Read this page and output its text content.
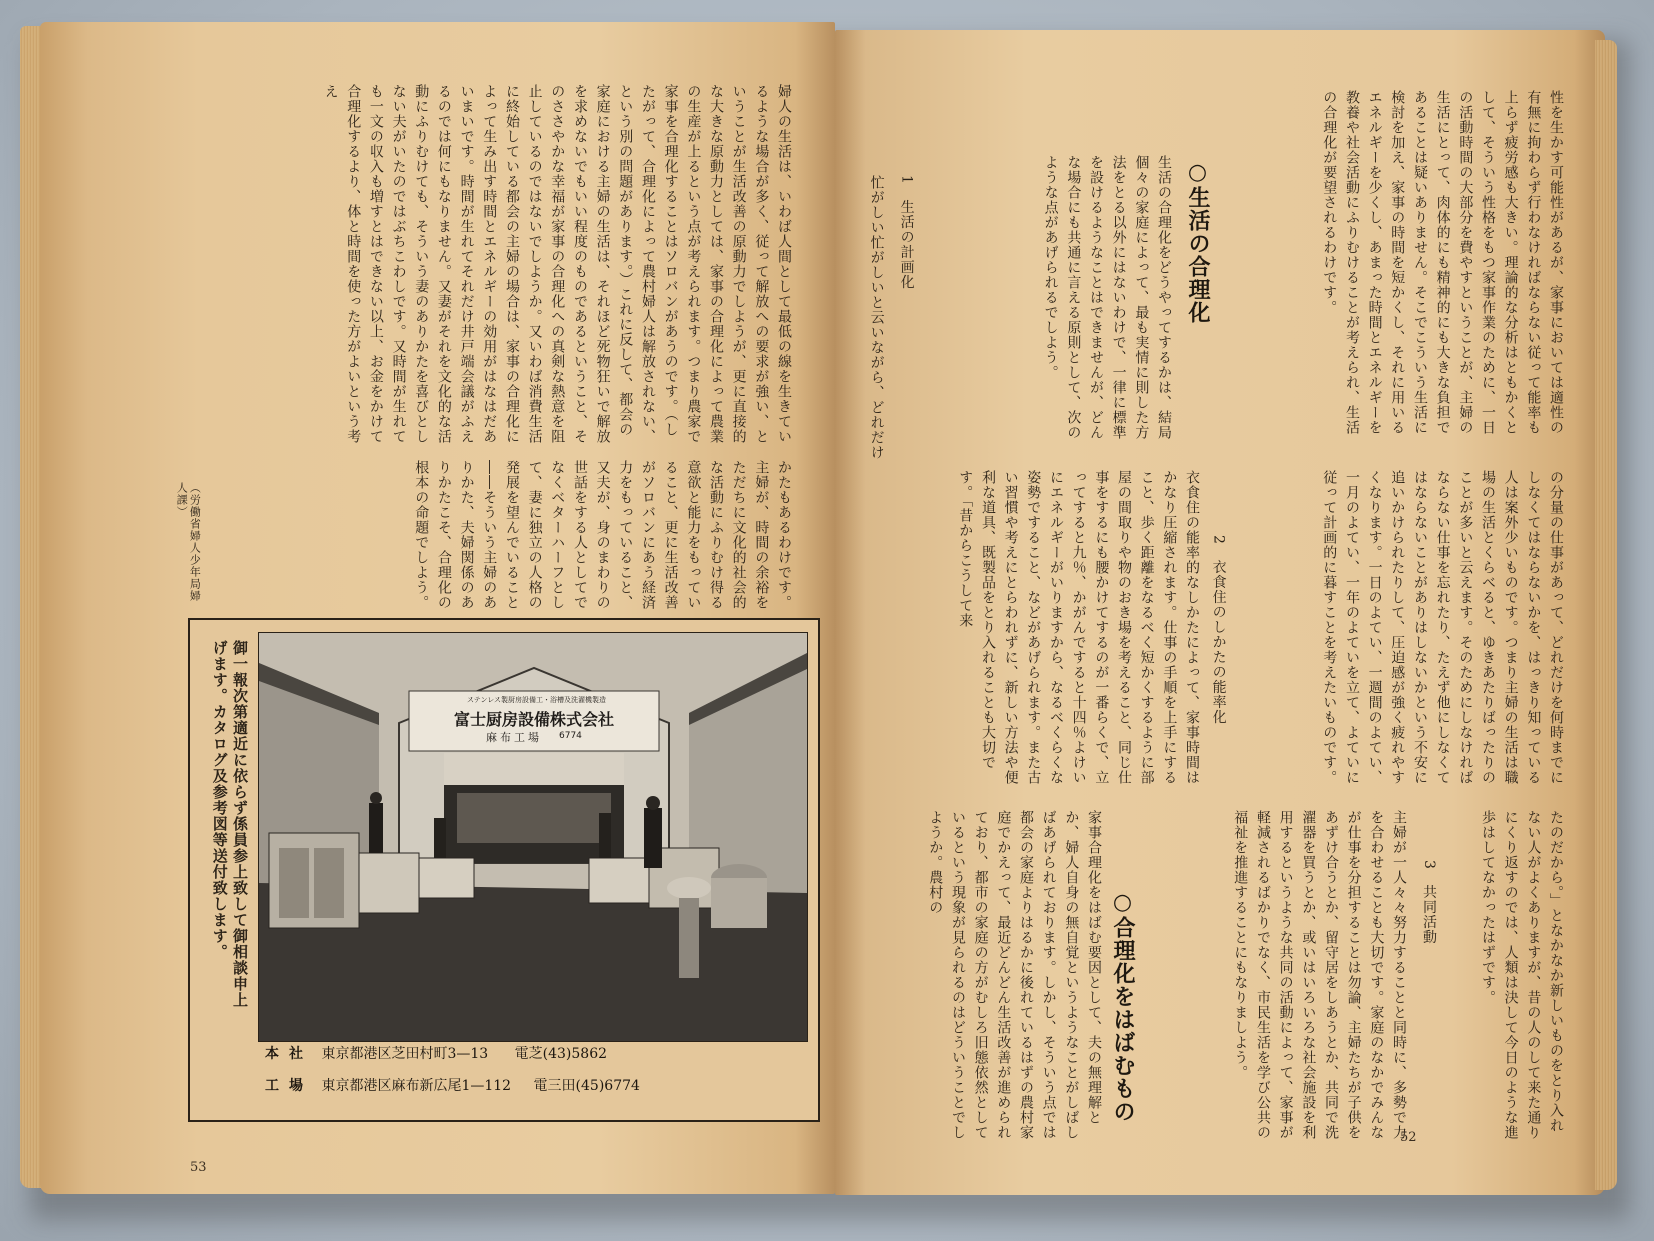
婦人の生活は、いわば人間として最低の線を生きているような場合が多く、従って解放への要求が強い、ということが生活改善の原動力でしようが、更に直接的な大きな原動力としては、家事の合理化によって農業の生産が上るという点が考えられます。つまり農家で家事を合理化することはソロバンがあうのです。（したがって、合理化によって農村婦人は解放されない、という別の問題があります。）これに反して、都会の家庭における主婦の生活は、それほど死物狂いで解放を求めないでもいい程度のものであるということ、そのささやかな幸福が家事の合理化への真剣な熱意を阻止しているのではないでしようか。又いわば消費生活に終始している都会の主婦の場合は、家事の合理化によって生み出す時間とエネルギーの効用がはなはだあいまいです。時間が生れてそれだけ井戸端会議がふえるのでは何にもなりません。又妻がそれを文化的な活動にふりむけても、そういう妻のありかたを喜びとしない夫がいたのではぶちこわしです。又時間が生れても一文の収入も増すとはできない以上、お金をかけて合理化するより、体と時間を使った方がよいという考え
かたもあるわけです。主婦が、時間の余裕をただちに文化的社会的な活動にふりむけ得る意欲と能力をもっていること、更に生活改善がソロバンにあう経済力をもっていること、又夫が、身のまわりの世話をする人としてでなくベターハーフとして、妻に独立の人格の発展を望んでいること――そういう主婦のありかた、夫婦関係のありかたこそ、合理化の根本の命題でしよう。
（労働省婦人少年局婦人課）
53
御一報次第適近に依らず係員参上致して御相談申上げます。カタログ及参考図等送付致します。
本社 東京都港区芝田村町3—13 電芝(43)5862
工場 東京都港区麻布新広尾1—112 電三田(45)6774
ステンレス製厨房設備工・浴槽及洗濯機製造
富士厨房設備株式会社
麻布工場	6774
性を生かす可能性があるが、家事においては適性の有無に拘わらず行わなければならない従って能率も上らず疲労感も大きい。理論的な分析はともかくとして、そういう性格をもつ家事作業のために、一日の活動時間の大部分を費やすということが、主婦の生活にとって、肉体的にも精神的にも大きな負担であることは疑いありません。そこでこういう生活に検討を加え、家事の時間を短かくし、それに用いるエネルギーを少くし、あまった時間とエネルギーを教養や社会活動にふりむけることが考えられ、生活の合理化が要望されるわけです。
○生活の合理化
生活の合理化をどうやってするかは、結局個々の家庭によって、最も実情に則した方法をとる以外にはないわけで、一律に標準を設けるようなことはできませんが、どんな場合にも共通に言える原則として、次のような点があげられるでしよう。
1　生活の計画化
忙がしい忙がしいと云いながら、どれだけ
の分量の仕事があって、どれだけを何時までにしなくてはならないかを、はっきり知っている人は案外少いものです。つまり主婦の生活は職場の生活とくらべると、ゆきあたりばったりのことが多いと云えます。そのためにしなければならない仕事を忘れたり、たえず他にしなくてはならないことがありはしないかという不安に追いかけられたりして、圧迫感が強く疲れやすくなります。一日のよてい、一週間のよてい、一月のよてい、一年のよていを立て、よていに従って計画的に暮すことを考えたいものです。
2　衣食住のしかたの能率化
衣食住の能率的なしかたによって、家事時間はかなり圧縮されます。仕事の手順を上手にすること、歩く距離をなるべく短かくするように部屋の間取りや物のおき場を考えること、同じ仕事をするにも腰かけてするのが一番らくで、立ってすると九％、かがんですると十四％よけいにエネルギーがいりますから、なるべくらくな姿勢ですること、などがあげられます。また古い習慣や考えにとらわれずに、新しい方法や便利な道具、既製品をとり入れることも大切です。「昔からこうして来
たのだから。」となかなか新しいものをとり入れない人がよくありますが、昔の人のして来た通りにくり返すのでは、人類は決して今日のような進歩はしてなかったはずです。
3　共同活動
主婦が一人々々努力することと同時に、多勢で力を合わせることも大切です。家庭のなかでみんなが仕事を分担することは勿論、主婦たちが子供をあずけ合うとか、留守居をしあうとか、共同で洗濯器を買うとか、或いはいろいろな社会施設を利用するというような共同の活動によって、家事が軽減されるばかりでなく、市民生活を学び公共の福祉を推進することにもなりましよう。
○合理化をはばむもの
家事合理化をはばむ要因として、夫の無理解とか、婦人自身の無自覚というようなことがしばしばあげられております。しかし、そういう点では都会の家庭よりはるかに後れているはずの農村家庭でかえって、最近どんどん生活改善が進められており、都市の家庭の方がむしろ旧態依然としているという現象が見られるのはどういうことでしようか。農村の
52
